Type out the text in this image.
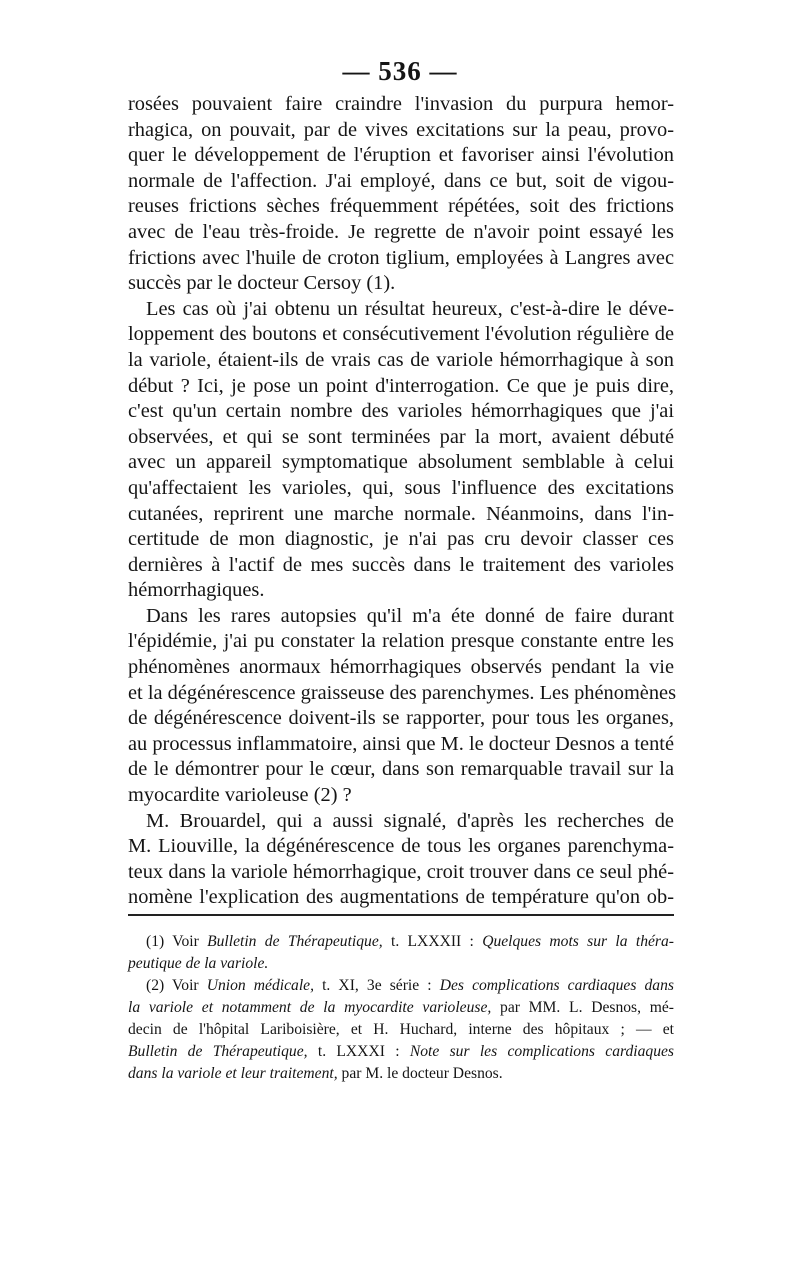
— 536 —
rosées pouvaient faire craindre l'invasion du purpura hemor-
rhagica, on pouvait, par de vives excitations sur la peau, provo-
quer le développement de l'éruption et favoriser ainsi l'évolution
normale de l'affection. J'ai employé, dans ce but, soit de vigou-
reuses frictions sèches fréquemment répétées, soit des frictions
avec de l'eau très-froide. Je regrette de n'avoir point essayé les
frictions avec l'huile de croton tiglium, employées à Langres avec
succès par le docteur Cersoy (1).
Les cas où j'ai obtenu un résultat heureux, c'est-à-dire le déve-
loppement des boutons et consécutivement l'évolution régulière de
la variole, étaient-ils de vrais cas de variole hémorrhagique à son
début ? Ici, je pose un point d'interrogation. Ce que je puis dire,
c'est qu'un certain nombre des varioles hémorrhagiques que j'ai
observées, et qui se sont terminées par la mort, avaient débuté
avec un appareil symptomatique absolument semblable à celui
qu'affectaient les varioles, qui, sous l'influence des excitations
cutanées, reprirent une marche normale. Néanmoins, dans l'in-
certitude de mon diagnostic, je n'ai pas cru devoir classer ces
dernières à l'actif de mes succès dans le traitement des varioles
hémorrhagiques.
Dans les rares autopsies qu'il m'a éte donné de faire durant
l'épidémie, j'ai pu constater la relation presque constante entre les
phénomènes anormaux hémorrhagiques observés pendant la vie
et la dégénérescence graisseuse des parenchymes. Les phénomènes
de dégénérescence doivent-ils se rapporter, pour tous les organes,
au processus inflammatoire, ainsi que M. le docteur Desnos a tenté
de le démontrer pour le cœur, dans son remarquable travail sur la
myocardite varioleuse (2) ?
M. Brouardel, qui a aussi signalé, d'après les recherches de
M. Liouville, la dégénérescence de tous les organes parenchyma-
teux dans la variole hémorrhagique, croit trouver dans ce seul phé-
nomène l'explication des augmentations de température qu'on ob-
(1) Voir Bulletin de Thérapeutique, t. LXXXII : Quelques mots sur la théra-
peutique de la variole.
(2) Voir Union médicale, t. XI, 3e série : Des complications cardiaques dans
la variole et notamment de la myocardite varioleuse, par MM. L. Desnos, mé-
decin de l'hôpital Lariboisière, et H. Huchard, interne des hôpitaux ; — et
Bulletin de Thérapeutique, t. LXXXI : Note sur les complications cardiaques
dans la variole et leur traitement, par M. le docteur Desnos.
